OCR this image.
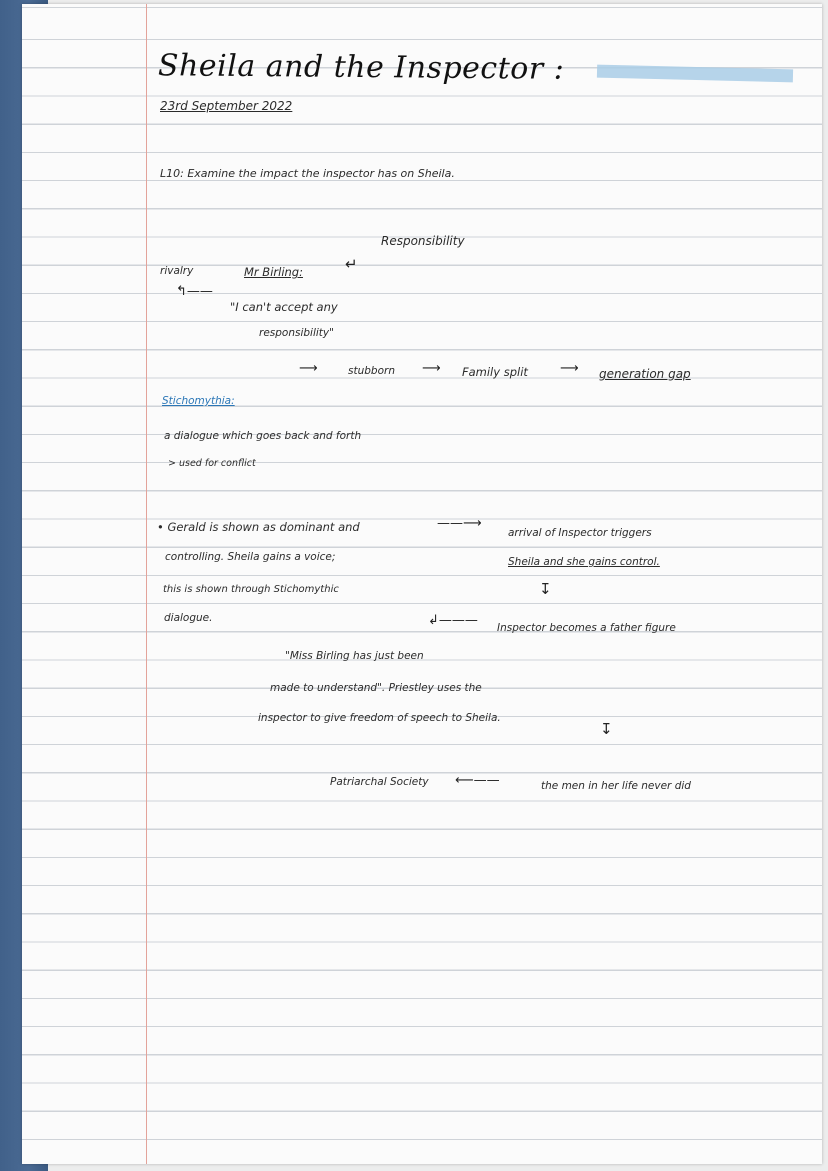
Sheila and the Inspector :
23rd September 2022
L10: Examine the impact the inspector has on Sheila.
Responsibility
↵
rivalry	Mr Birling:
↰——
"I can't accept any
responsibility"
⟶	stubborn ⟶ Family split ⟶ generation gap
Stichomythia:
a dialogue which goes back and forth
> used for conflict
• Gerald is shown as dominant and	——⟶
arrival of Inspector triggers
controlling. Sheila gains a voice;	Sheila and she gains control.
this is shown through Stichomythic	↧
dialogue.	↲——— Inspector becomes a father figure
"Miss Birling has just been
made to understand". Priestley uses the
inspector to give freedom of speech to Sheila.
↧
Patriarchal Society ⟵——	the men in her life never did
